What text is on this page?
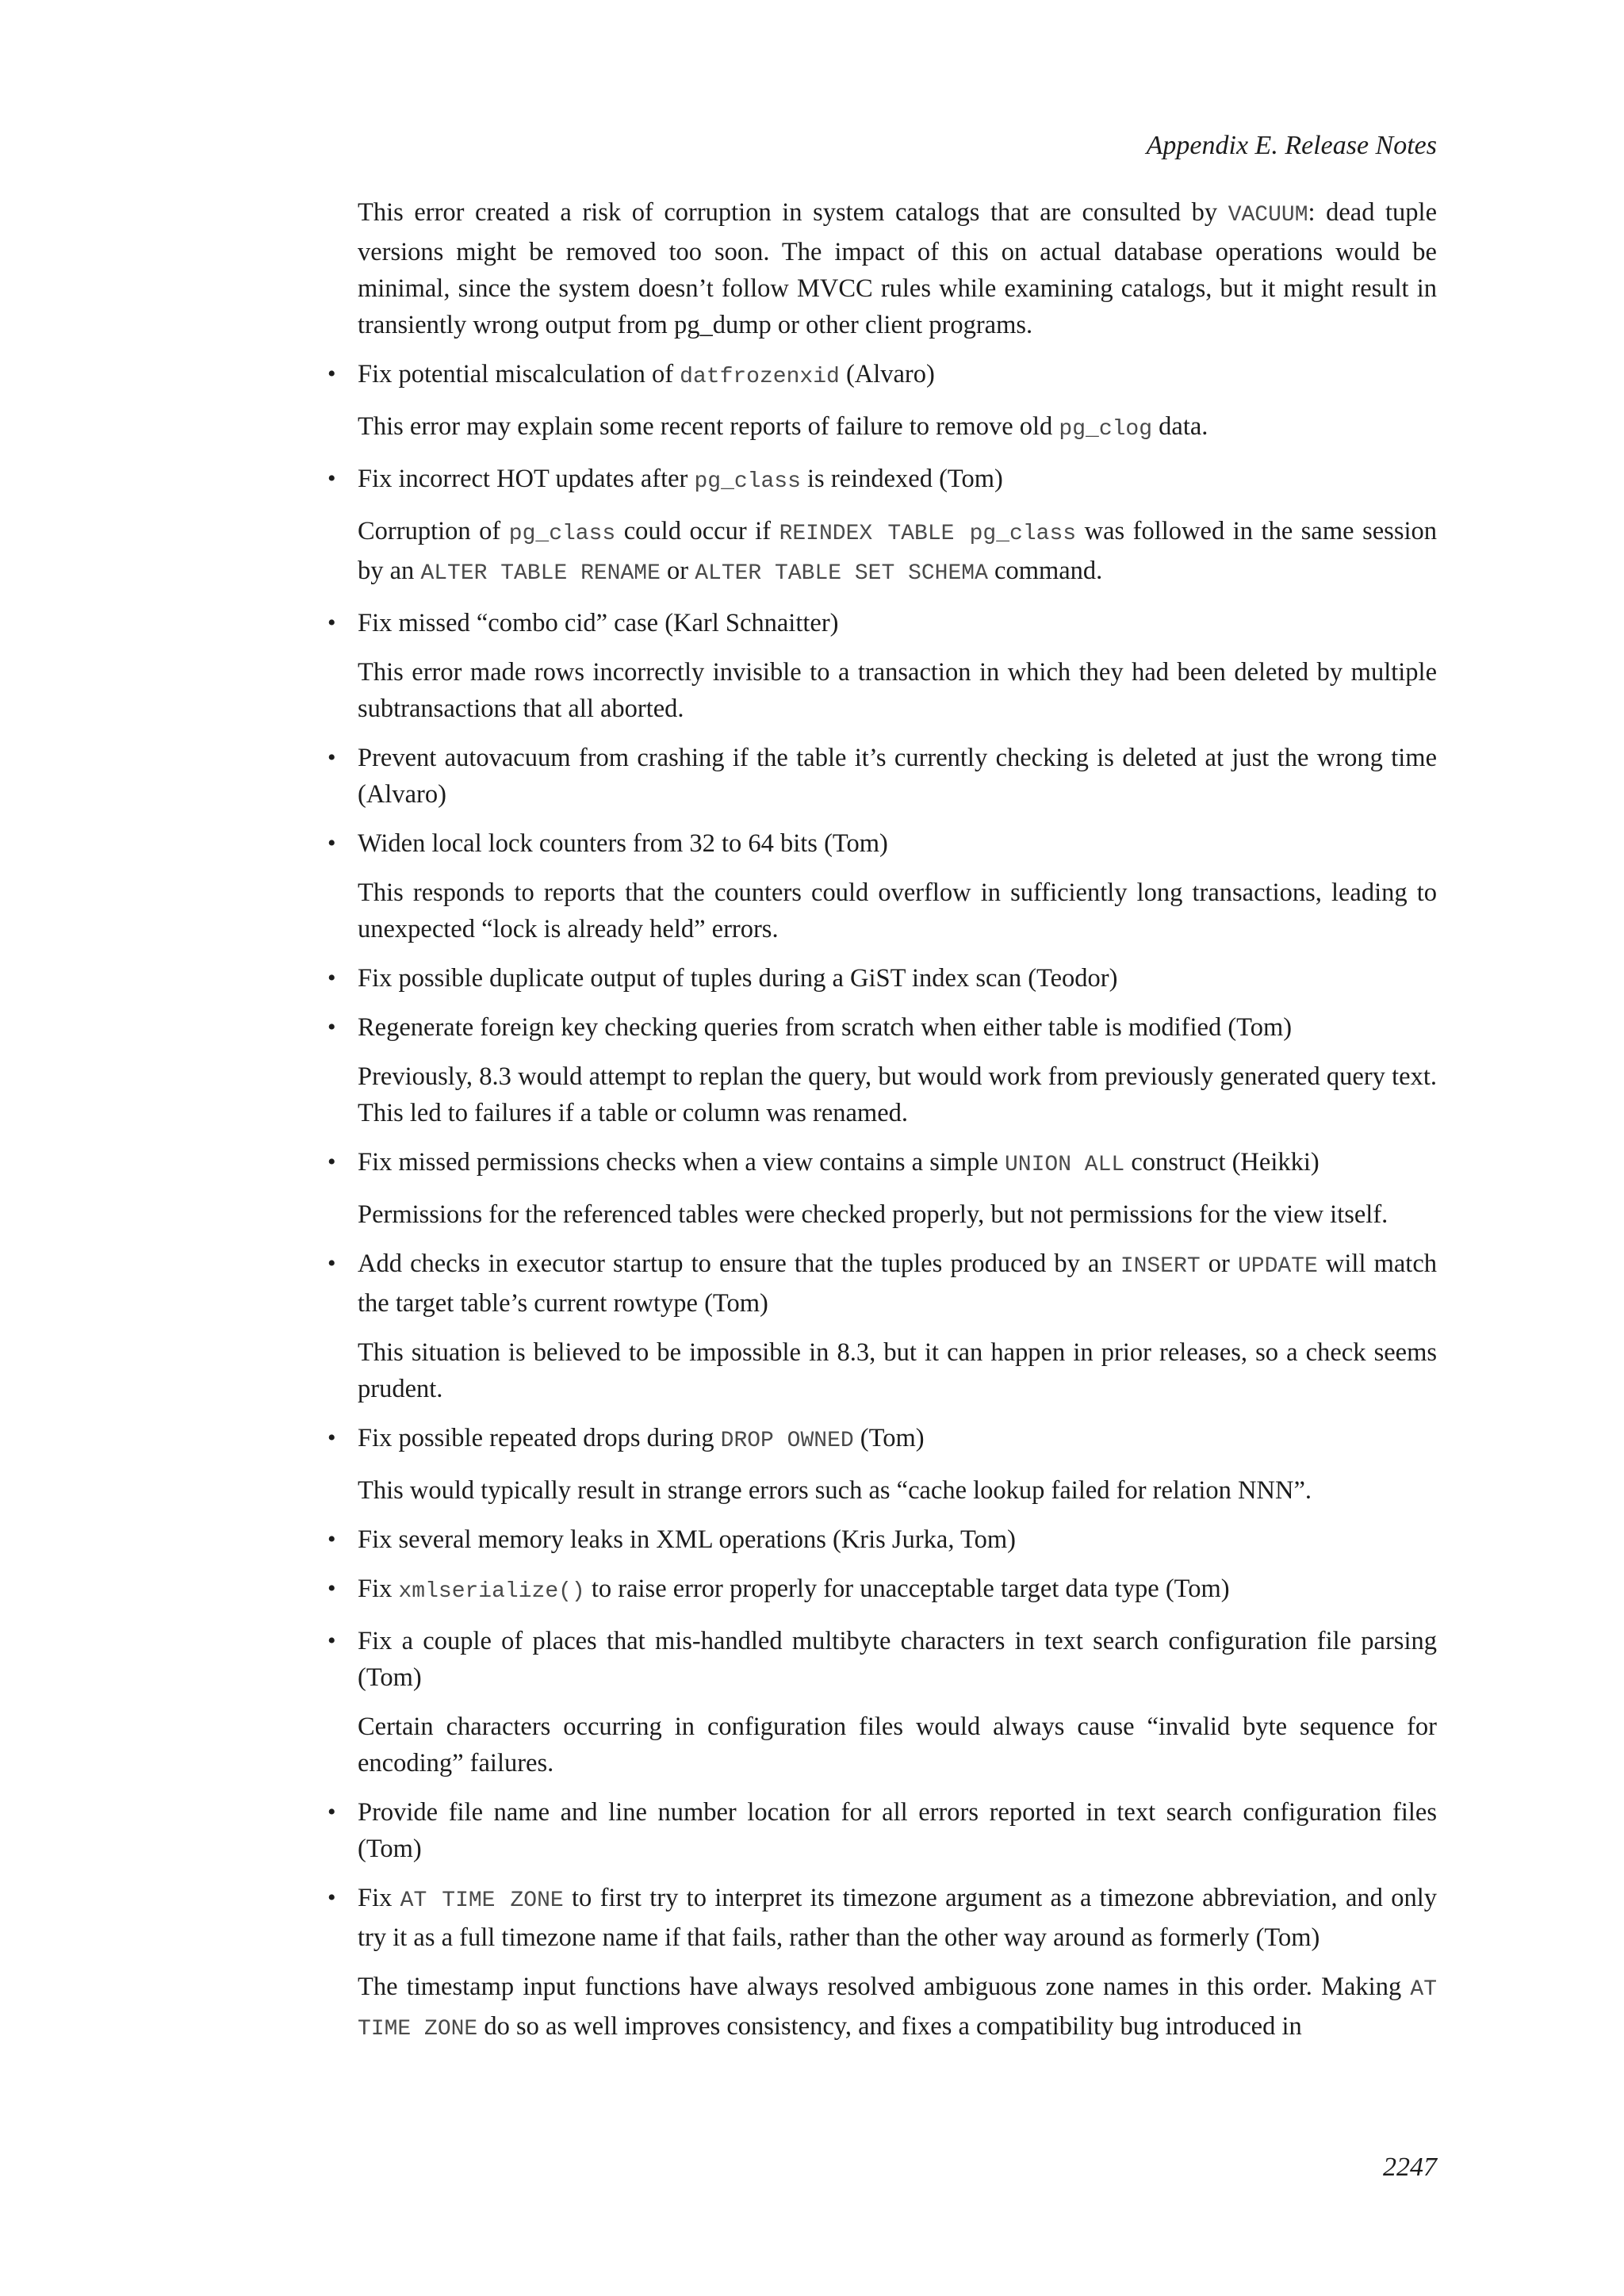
Appendix E. Release Notes

This error created a risk of corruption in system catalogs that are consulted by VACUUM: dead tuple versions might be removed too soon. The impact of this on actual database operations would be minimal, since the system doesn’t follow MVCC rules while examining catalogs, but it might result in transiently wrong output from pg_dump or other client programs.

• Fix potential miscalculation of datfrozenxid (Alvaro)

This error may explain some recent reports of failure to remove old pg_clog data.

• Fix incorrect HOT updates after pg_class is reindexed (Tom)

Corruption of pg_class could occur if REINDEX TABLE pg_class was followed in the same session by an ALTER TABLE RENAME or ALTER TABLE SET SCHEMA command.

• Fix missed “combo cid” case (Karl Schnaitter)

This error made rows incorrectly invisible to a transaction in which they had been deleted by multiple subtransactions that all aborted.

• Prevent autovacuum from crashing if the table it’s currently checking is deleted at just the wrong time (Alvaro)

• Widen local lock counters from 32 to 64 bits (Tom)

This responds to reports that the counters could overflow in sufficiently long transactions, leading to unexpected “lock is already held” errors.

• Fix possible duplicate output of tuples during a GiST index scan (Teodor)

• Regenerate foreign key checking queries from scratch when either table is modified (Tom)

Previously, 8.3 would attempt to replan the query, but would work from previously generated query text. This led to failures if a table or column was renamed.

• Fix missed permissions checks when a view contains a simple UNION ALL construct (Heikki)

Permissions for the referenced tables were checked properly, but not permissions for the view itself.

• Add checks in executor startup to ensure that the tuples produced by an INSERT or UPDATE will match the target table’s current rowtype (Tom)

This situation is believed to be impossible in 8.3, but it can happen in prior releases, so a check seems prudent.

• Fix possible repeated drops during DROP OWNED (Tom)

This would typically result in strange errors such as “cache lookup failed for relation NNN”.

• Fix several memory leaks in XML operations (Kris Jurka, Tom)

• Fix xmlserialize() to raise error properly for unacceptable target data type (Tom)

• Fix a couple of places that mis-handled multibyte characters in text search configuration file parsing (Tom)

Certain characters occurring in configuration files would always cause “invalid byte sequence for encoding” failures.

• Provide file name and line number location for all errors reported in text search configuration files (Tom)

• Fix AT TIME ZONE to first try to interpret its timezone argument as a timezone abbreviation, and only try it as a full timezone name if that fails, rather than the other way around as formerly (Tom)

The timestamp input functions have always resolved ambiguous zone names in this order. Making AT TIME ZONE do so as well improves consistency, and fixes a compatibility bug introduced in

2247
